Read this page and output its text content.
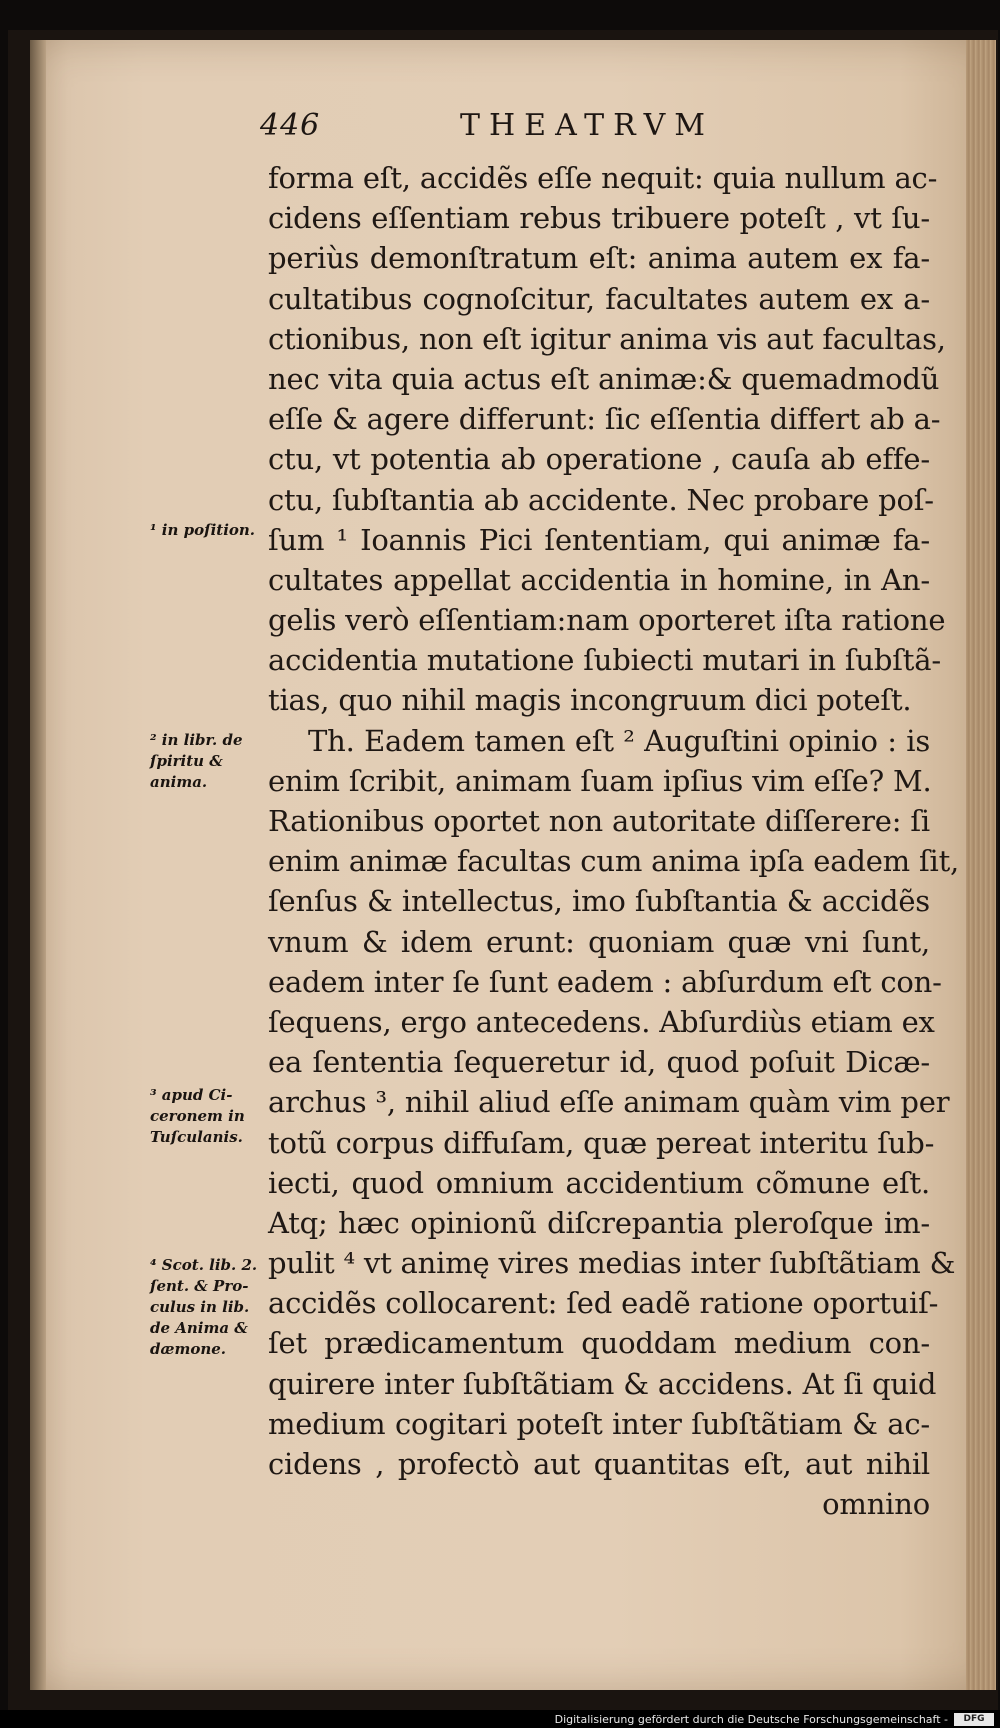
446	THEATRVM
forma eſt, accidẽs eſſe nequit: quia nullum ac-
cidens eſſentiam rebus tribuere poteſt , vt ſu-
periùs demonſtratum eſt: anima autem ex fa-
cultatibus cognoſcitur, facultates autem ex a-
ctionibus, non eſt igitur anima vis aut facultas,
nec vita quia actus eſt animæ:& quemadmodũ
eſſe & agere differunt: ſic eſſentia differt ab a-
ctu, vt potentia ab operatione , cauſa ab effe-
ctu, ſubſtantia ab accidente. Nec probare poſ-
ſum ¹ Ioannis Pici ſententiam, qui animæ fa-
cultates appellat accidentia in homine, in An-
gelis verò eſſentiam:nam oporteret iſta ratione
accidentia mutatione ſubiecti mutari in ſubſtã-
tias, quo nihil magis incongruum dici poteſt.
Th. Eadem tamen eſt ² Auguſtini opinio : is
enim ſcribit, animam ſuam ipſius vim eſſe? M.
Rationibus oportet non autoritate diſſerere: ſi
enim animæ facultas cum anima ipſa eadem ſit,
ſenſus & intellectus, imo ſubſtantia & accidẽs
vnum & idem erunt: quoniam quæ vni ſunt,
eadem inter ſe ſunt eadem : abſurdum eſt con-
ſequens, ergo antecedens. Abſurdiùs etiam ex
ea ſententia ſequeretur id, quod poſuit Dicæ-
archus ³, nihil aliud eſſe animam quàm vim per
totũ corpus diffuſam, quæ pereat interitu ſub-
iecti, quod omnium accidentium cõmune eſt.
Atq; hæc opinionũ diſcrepantia pleroſque im-
pulit ⁴ vt animę vires medias inter ſubſtãtiam &
accidẽs collocarent: ſed eadẽ ratione oportuiſ-
ſet prædicamentum quoddam medium con-
quirere inter ſubſtãtiam & accidens. At ſi quid
medium cogitari poteſt inter ſubſtãtiam & ac-
cidens , profectò aut quantitas eſt, aut nihil
omnino
¹ in poſition.
² in libr. de ſpiritu & anima.
³ apud Ci-ceronem in Tuſculanis.
⁴ Scot. lib. 2. ſent. & Pro-culus in lib. de Anima & dæmone.
Digitalisierung gefördert durch die Deutsche Forschungsgemeinschaft -	DFG
